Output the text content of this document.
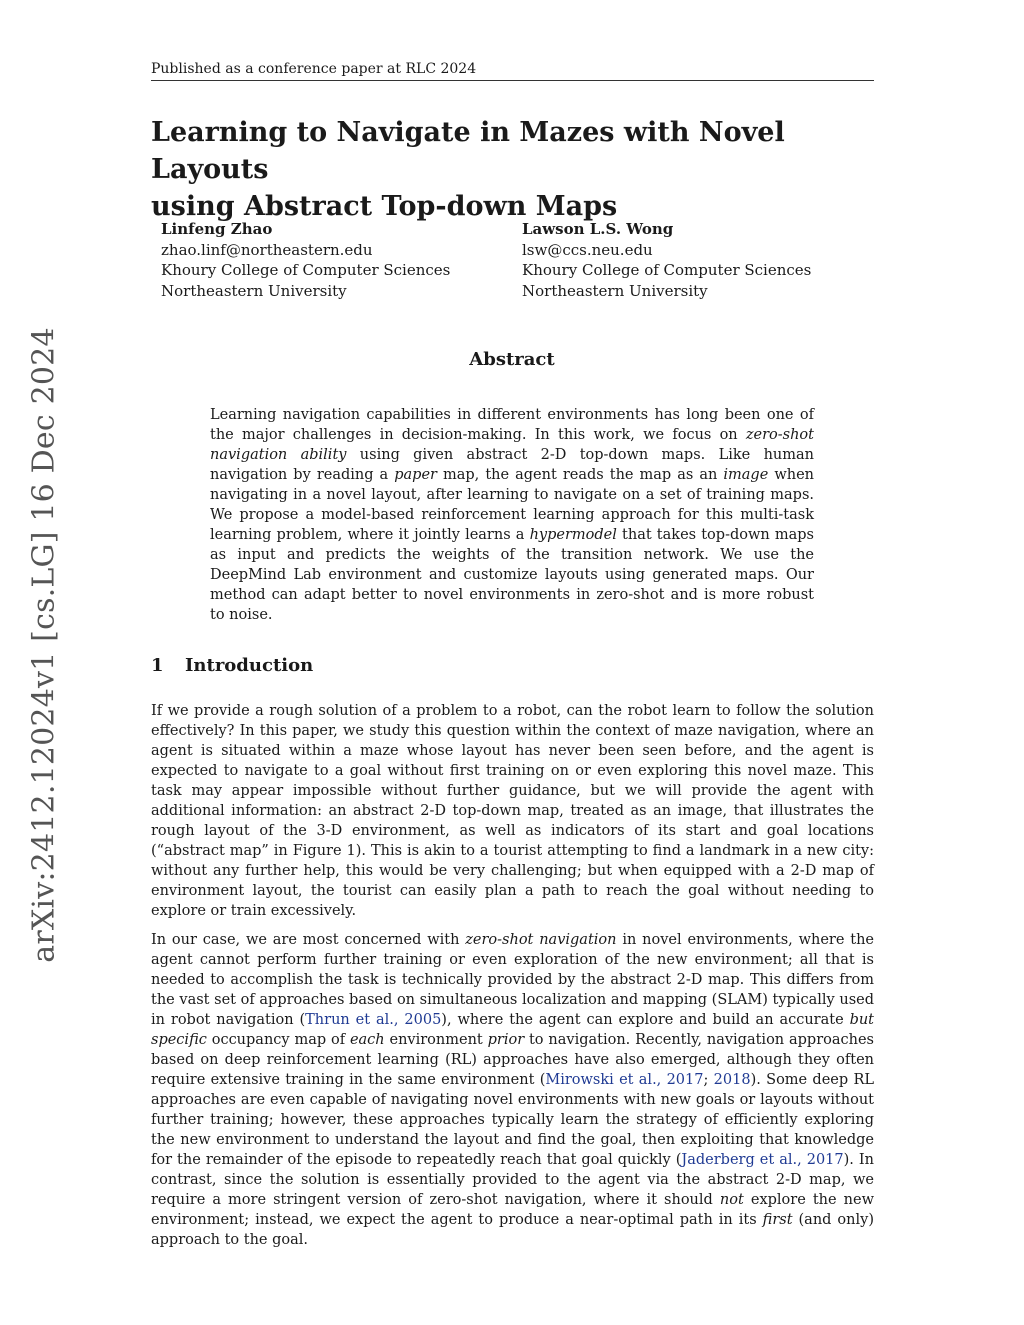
Published as a conference paper at RLC 2024
arXiv:2412.12024v1 [cs.LG] 16 Dec 2024
Learning to Navigate in Mazes with Novel Layouts
using Abstract Top-down Maps
Linfeng Zhao
zhao.linf@northeastern.edu
Khoury College of Computer Sciences
Northeastern University
Lawson L.S. Wong
lsw@ccs.neu.edu
Khoury College of Computer Sciences
Northeastern University
Abstract

Learning navigation capabilities in different environments has long been one of the major challenges in decision-making. In this work, we focus on zero-shot navigation ability using given abstract 2-D top-down maps. Like human navigation by reading a paper map, the agent reads the map as an image when navigating in a novel layout, after learning to navigate on a set of training maps. We propose a model-based reinforcement learning approach for this multi-task learning problem, where it jointly learns a hypermodel that takes top-down maps as input and predicts the weights of the transition network. We use the DeepMind Lab environment and customize layouts using generated maps. Our method can adapt better to novel environments in zero-shot and is more robust to noise.

1 Introduction

If we provide a rough solution of a problem to a robot, can the robot learn to follow the solution effectively? In this paper, we study this question within the context of maze navigation, where an agent is situated within a maze whose layout has never been seen before, and the agent is expected to navigate to a goal without first training on or even exploring this novel maze. This task may appear impossible without further guidance, but we will provide the agent with additional information: an abstract 2-D top-down map, treated as an image, that illustrates the rough layout of the 3-D environment, as well as indicators of its start and goal locations (“abstract map” in Figure 1). This is akin to a tourist attempting to find a landmark in a new city: without any further help, this would be very challenging; but when equipped with a 2-D map of environment layout, the tourist can easily plan a path to reach the goal without needing to explore or train excessively.

In our case, we are most concerned with zero-shot navigation in novel environments, where the agent cannot perform further training or even exploration of the new environment; all that is needed to accomplish the task is technically provided by the abstract 2-D map. This differs from the vast set of approaches based on simultaneous localization and mapping (SLAM) typically used in robot navigation (Thrun et al., 2005), where the agent can explore and build an accurate but specific occupancy map of each environment prior to navigation. Recently, navigation approaches based on deep reinforcement learning (RL) approaches have also emerged, although they often require extensive training in the same environment (Mirowski et al., 2017; 2018). Some deep RL approaches are even capable of navigating novel environments with new goals or layouts without further training; however, these approaches typically learn the strategy of efficiently exploring the new environment to understand the layout and find the goal, then exploiting that knowledge for the remainder of the episode to repeatedly reach that goal quickly (Jaderberg et al., 2017). In contrast, since the solution is essentially provided to the agent via the abstract 2-D map, we require a more stringent version of zero-shot navigation, where it should not explore the new environment; instead, we expect the agent to produce a near-optimal path in its first (and only) approach to the goal.
